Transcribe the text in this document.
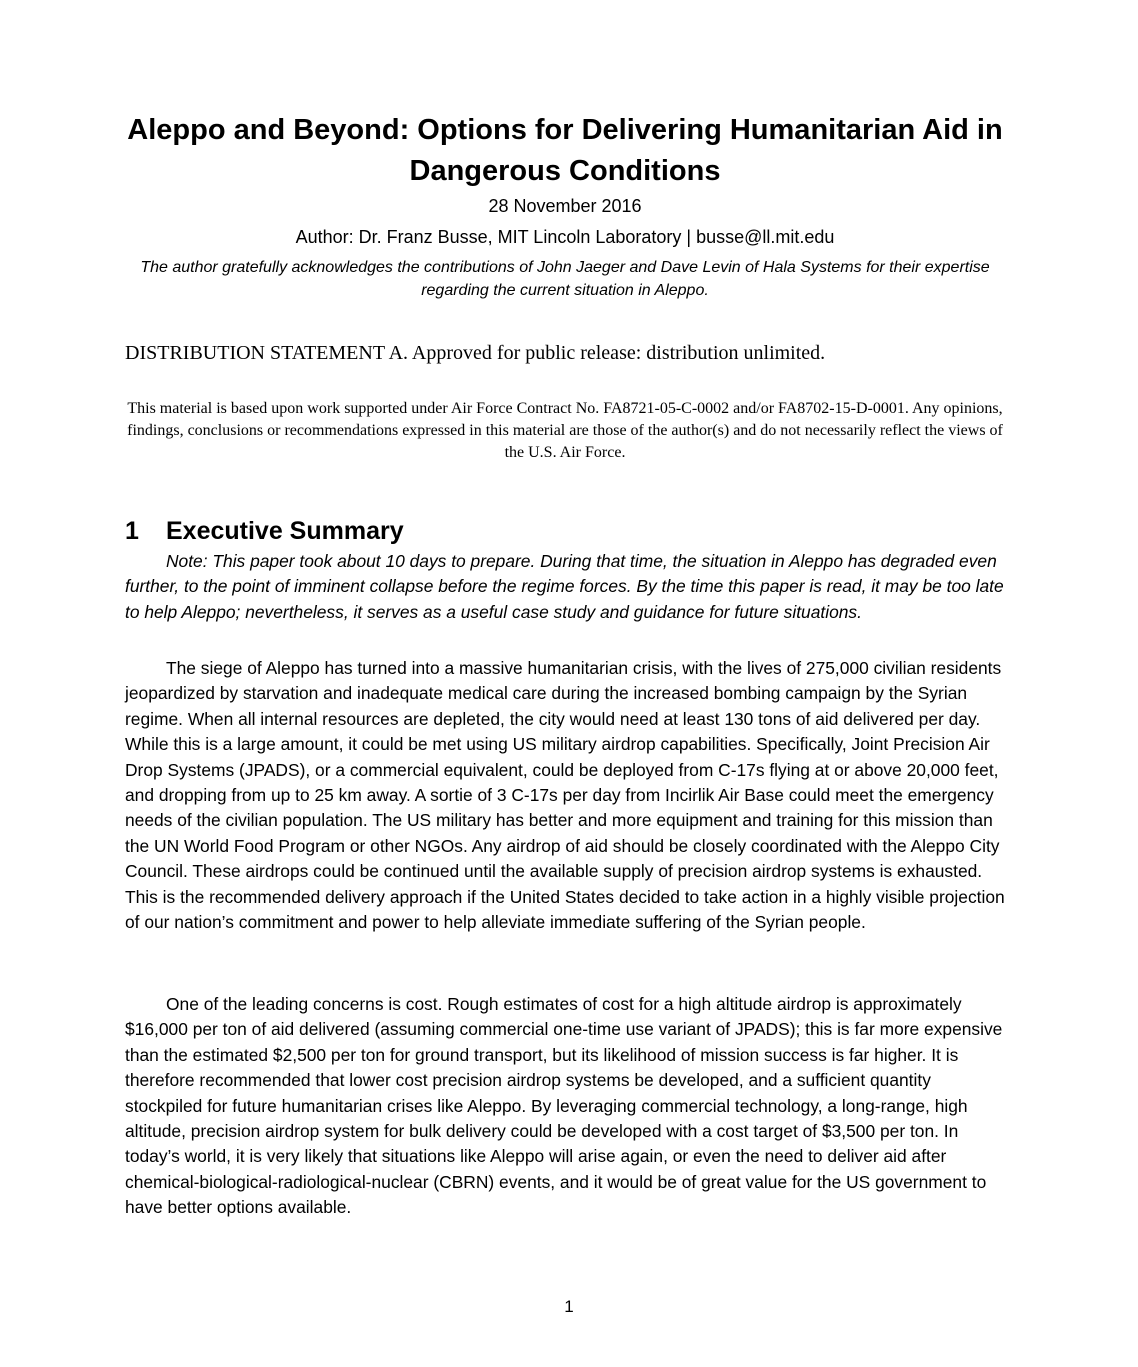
Aleppo and Beyond: Options for Delivering Humanitarian Aid in Dangerous Conditions
28 November 2016
Author: Dr. Franz Busse, MIT Lincoln Laboratory | busse@ll.mit.edu
The author gratefully acknowledges the contributions of John Jaeger and Dave Levin of Hala Systems for their expertise regarding the current situation in Aleppo.
DISTRIBUTION STATEMENT A. Approved for public release: distribution unlimited.
This material is based upon work supported under Air Force Contract No. FA8721-05-C-0002 and/or FA8702-15-D-0001. Any opinions, findings, conclusions or recommendations expressed in this material are those of the author(s) and do not necessarily reflect the views of the U.S. Air Force.
1 Executive Summary

Note: This paper took about 10 days to prepare. During that time, the situation in Aleppo has degraded even further, to the point of imminent collapse before the regime forces. By the time this paper is read, it may be too late to help Aleppo; nevertheless, it serves as a useful case study and guidance for future situations.

The siege of Aleppo has turned into a massive humanitarian crisis, with the lives of 275,000 civilian residents jeopardized by starvation and inadequate medical care during the increased bombing campaign by the Syrian regime. When all internal resources are depleted, the city would need at least 130 tons of aid delivered per day. While this is a large amount, it could be met using US military airdrop capabilities. Specifically, Joint Precision Air Drop Systems (JPADS), or a commercial equivalent, could be deployed from C-17s flying at or above 20,000 feet, and dropping from up to 25 km away. A sortie of 3 C-17s per day from Incirlik Air Base could meet the emergency needs of the civilian population. The US military has better and more equipment and training for this mission than the UN World Food Program or other NGOs. Any airdrop of aid should be closely coordinated with the Aleppo City Council. These airdrops could be continued until the available supply of precision airdrop systems is exhausted. This is the recommended delivery approach if the United States decided to take action in a highly visible projection of our nation’s commitment and power to help alleviate immediate suffering of the Syrian people.

One of the leading concerns is cost. Rough estimates of cost for a high altitude airdrop is approximately $16,000 per ton of aid delivered (assuming commercial one-time use variant of JPADS); this is far more expensive than the estimated $2,500 per ton for ground transport, but its likelihood of mission success is far higher. It is therefore recommended that lower cost precision airdrop systems be developed, and a sufficient quantity stockpiled for future humanitarian crises like Aleppo. By leveraging commercial technology, a long-range, high altitude, precision airdrop system for bulk delivery could be developed with a cost target of $3,500 per ton. In today’s world, it is very likely that situations like Aleppo will arise again, or even the need to deliver aid after chemical-biological-radiological-nuclear (CBRN) events, and it would be of great value for the US government to have better options available.

1
